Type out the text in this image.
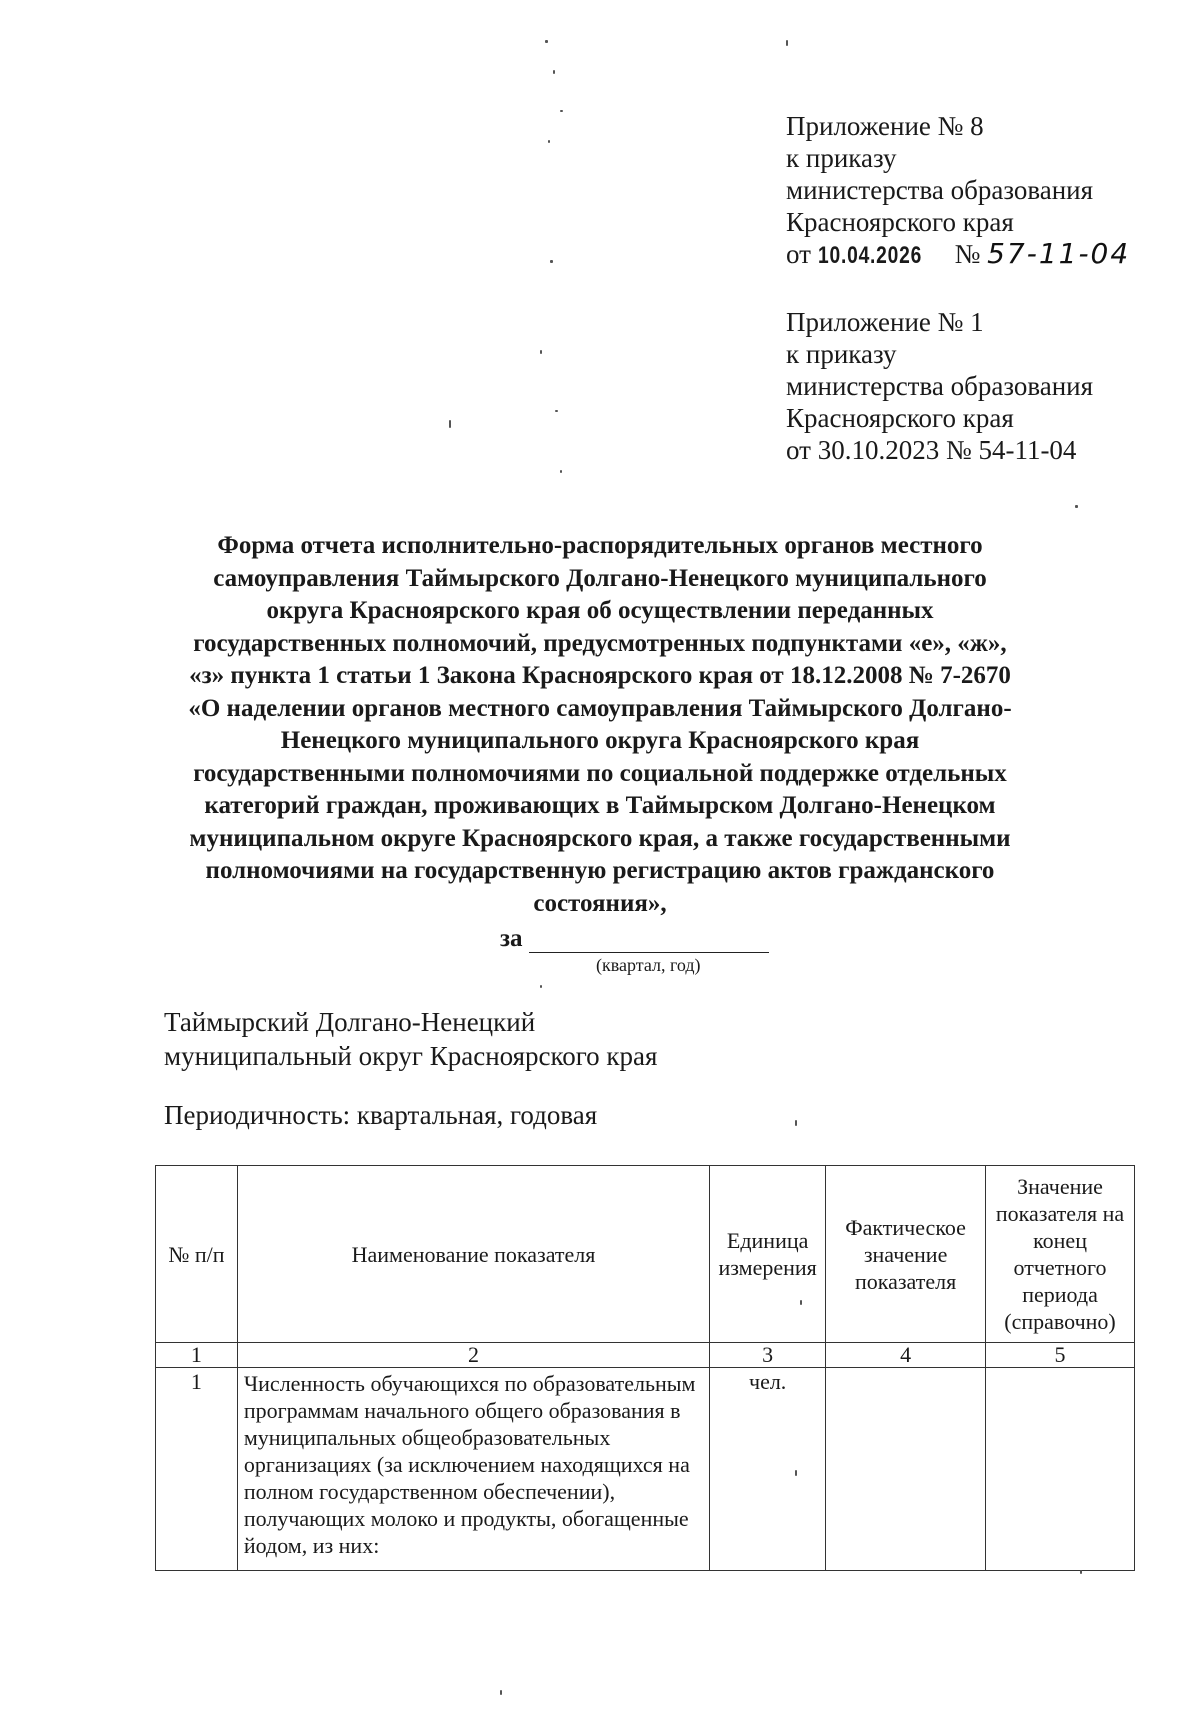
Приложение № 8
к приказу
министерства образования
Красноярского края
от 10.04.2026 № 57-11-04
Приложение № 1
к приказу
министерства образования
Красноярского края
от 30.10.2023 № 54-11-04
Форма отчета исполнительно-распорядительных органов местного
самоуправления Таймырского Долгано-Ненецкого муниципального
округа Красноярского края об осуществлении переданных
государственных полномочий, предусмотренных подпунктами «е», «ж»,
«з» пункта 1 статьи 1 Закона Красноярского края от 18.12.2008 № 7-2670
«О наделении органов местного самоуправления Таймырского Долгано-
Ненецкого муниципального округа Красноярского края
государственными полномочиями по социальной поддержке отдельных
категорий граждан, проживающих в Таймырском Долгано-Ненецком
муниципальном округе Красноярского края, а также государственными
полномочиями на государственную регистрацию актов гражданского
состояния»,
за
(квартал, год)
Таймырский Долгано-Ненецкий
муниципальный округ Красноярского края
Периодичность: квартальная, годовая
№ п/п	Наименование показателя	Единица измерения	Фактическое значение показателя	Значение показателя на конец отчетного периода (справочно)
1	2	3	4	5
1	Численность обучающихся по образовательным программам начального общего образования в муниципальных общеобразовательных организациях (за исключением находящихся на полном государственном обеспечении), получающих молоко и продукты, обогащенные йодом, из них:	чел.		
